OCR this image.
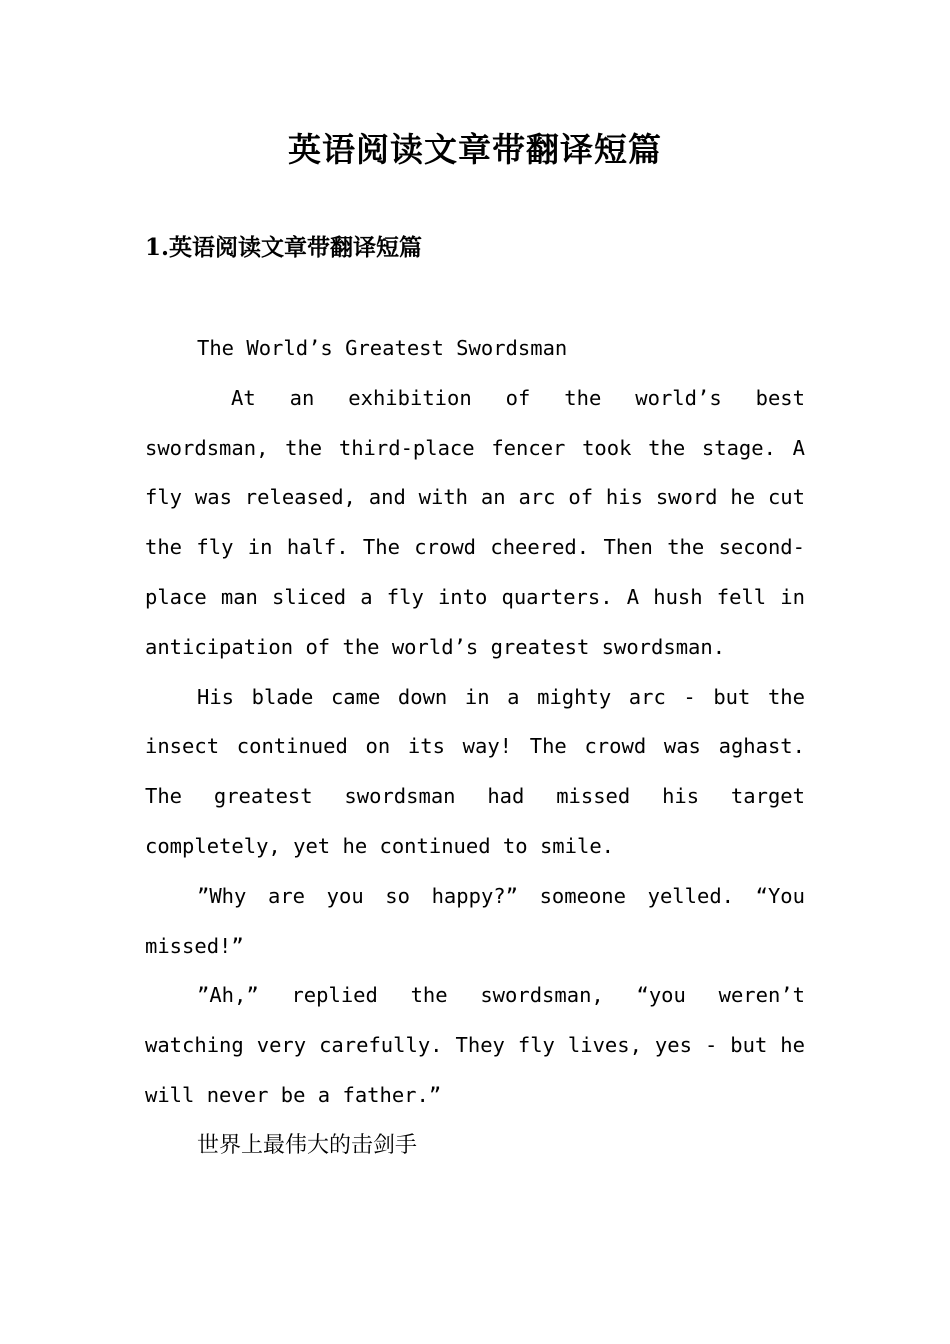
英语阅读文章带翻译短篇
1.英语阅读文章带翻译短篇

The World’s Greatest Swordsman

At an exhibition of the world’s best swordsman, the third-place fencer took the stage. A fly was released, and with an arc of his sword he cut the fly in half. The crowd cheered. Then the second-place man sliced a fly into quarters. A hush fell in anticipation of the world’s greatest swordsman.

His blade came down in a mighty arc - but the insect continued on its way! The crowd was aghast. The greatest swordsman had missed his target completely, yet he continued to smile.

”Why are you so happy?” someone yelled. “You missed!”

”Ah,” replied the swordsman, “you weren’t watching very carefully. They fly lives, yes - but he will never be a father.”

世界上最伟大的击剑手
